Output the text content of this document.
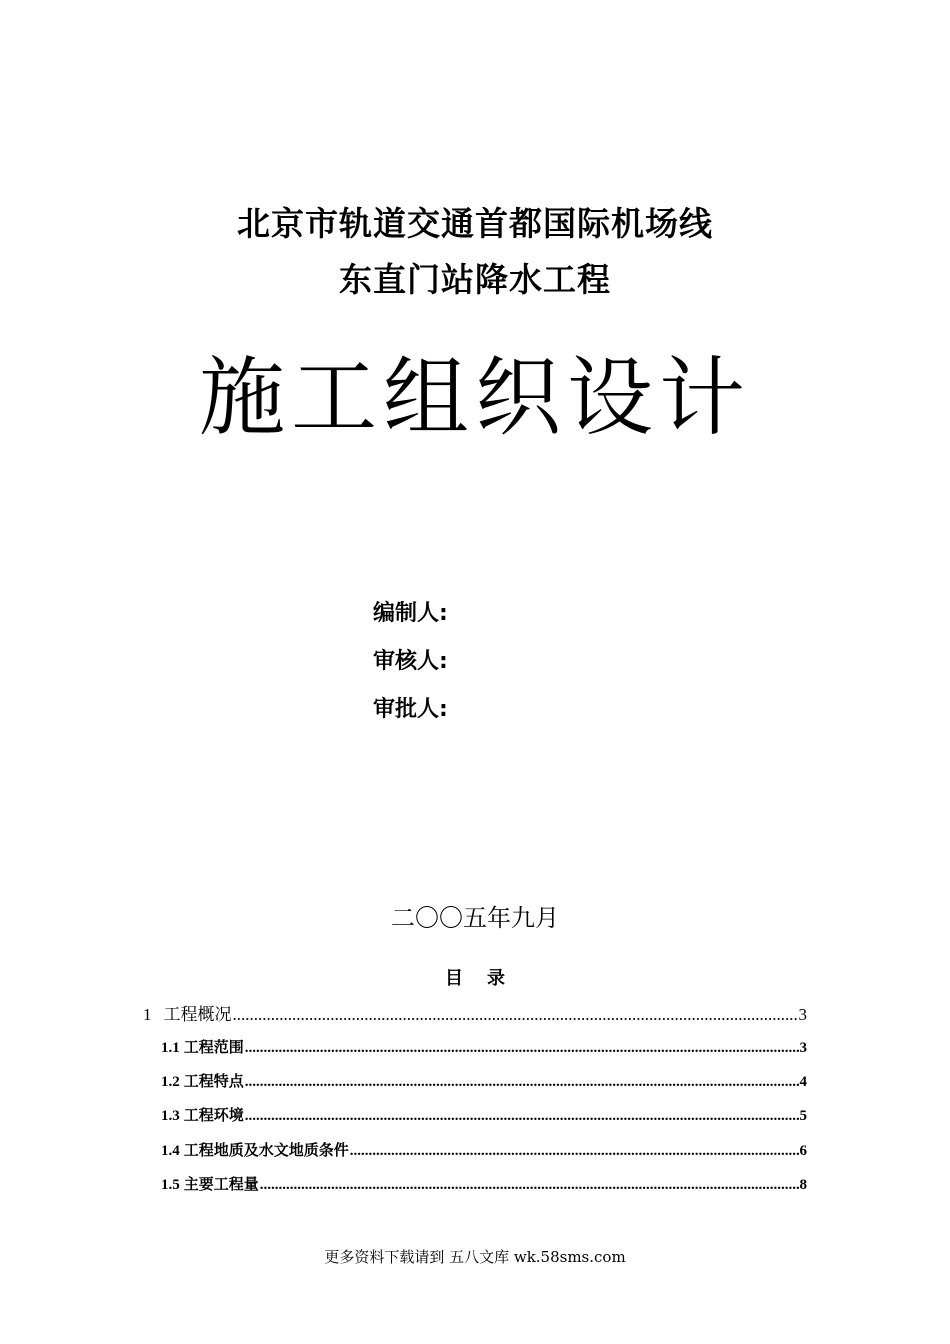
北京市轨道交通首都国际机场线
东直门站降水工程
施工组织设计
编制人:
审核人:
审批人:
二〇〇五年九月
目 录
1 工程概况 .....	3
1.1 工程范围 .....	3
1.2 工程特点 .....	4
1.3 工程环境 .....	5
1.4 工程地质及水文地质条件 .....	6
1.5 主要工程量 .....	8
更多资料下载请到 五八文库 wk.58sms.com
